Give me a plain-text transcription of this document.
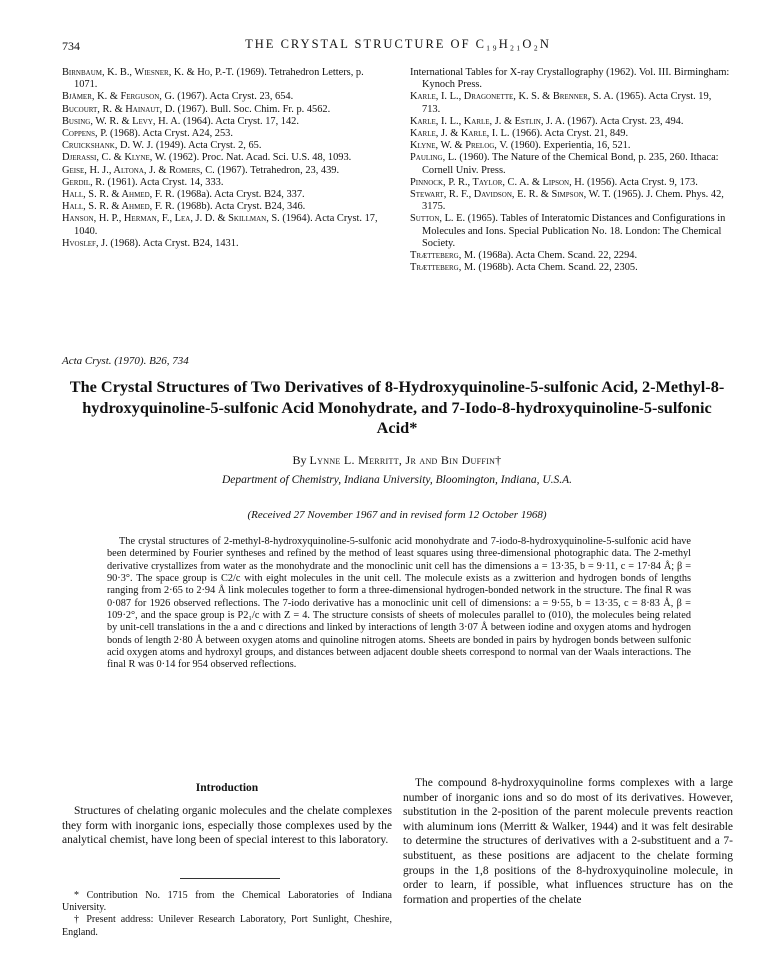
734	THE CRYSTAL STRUCTURE OF C₁₉H₂₁O₂N
Birnbaum, K. B., Wiesner, K. & Ho, P.-T. (1969). Tetrahedron Letters, p. 1071.
Bjåmer, K. & Ferguson, G. (1967). Acta Cryst. 23, 654.
Bucourt, R. & Hainaut, D. (1967). Bull. Soc. Chim. Fr. p. 4562.
Busing, W. R. & Levy, H. A. (1964). Acta Cryst. 17, 142.
Coppens, P. (1968). Acta Cryst. A24, 253.
Cruickshank, D. W. J. (1949). Acta Cryst. 2, 65.
Djerassi, C. & Klyne, W. (1962). Proc. Nat. Acad. Sci. U.S. 48, 1093.
Geise, H. J., Altona, J. & Romers, C. (1967). Tetrahedron, 23, 439.
Gerdil, R. (1961). Acta Cryst. 14, 333.
Hall, S. R. & Ahmed, F. R. (1968a). Acta Cryst. B24, 337.
Hall, S. R. & Ahmed, F. R. (1968b). Acta Cryst. B24, 346.
Hanson, H. P., Herman, F., Lea, J. D. & Skillman, S. (1964). Acta Cryst. 17, 1040.
Hvoslef, J. (1968). Acta Cryst. B24, 1431.
International Tables for X-ray Crystallography (1962). Vol. III. Birmingham: Kynoch Press.
Karle, I. L., Dragonette, K. S. & Brenner, S. A. (1965). Acta Cryst. 19, 713.
Karle, I. L., Karle, J. & Estlin, J. A. (1967). Acta Cryst. 23, 494.
Karle, J. & Karle, I. L. (1966). Acta Cryst. 21, 849.
Klyne, W. & Prelog, V. (1960). Experientia, 16, 521.
Pauling, L. (1960). The Nature of the Chemical Bond, p. 235, 260. Ithaca: Cornell Univ. Press.
Pinnock, P. R., Taylor, C. A. & Lipson, H. (1956). Acta Cryst. 9, 173.
Stewart, R. F., Davidson, E. R. & Simpson, W. T. (1965). J. Chem. Phys. 42, 3175.
Sutton, L. E. (1965). Tables of Interatomic Distances and Configurations in Molecules and Ions. Special Publication No. 18. London: The Chemical Society.
Trætteberg, M. (1968a). Acta Chem. Scand. 22, 2294.
Trætteberg, M. (1968b). Acta Chem. Scand. 22, 2305.
Acta Cryst. (1970). B26, 734
The Crystal Structures of Two Derivatives of 8-Hydroxyquinoline-5-sulfonic Acid, 2-Methyl-8-hydroxyquinoline-5-sulfonic Acid Monohydrate, and 7-Iodo-8-hydroxyquinoline-5-sulfonic Acid*
By Lynne L. Merritt, Jr and Bin Duffin†
Department of Chemistry, Indiana University, Bloomington, Indiana, U.S.A.
(Received 27 November 1967 and in revised form 12 October 1968)

The crystal structures of 2-methyl-8-hydroxyquinoline-5-sulfonic acid monohydrate and 7-iodo-8-hydroxyquinoline-5-sulfonic acid have been determined by Fourier syntheses and refined by the method of least squares using three-dimensional photographic data. The 2-methyl derivative crystallizes from water as the monohydrate and the monoclinic unit cell has the dimensions a = 13·35, b = 9·11, c = 17·84 Å; β = 90·3°. The space group is C2/c with eight molecules in the unit cell. The molecule exists as a zwitterion and hydrogen bonds of lengths ranging from 2·65 to 2·94 Å link molecules together to form a three-dimensional hydrogen-bonded network in the structure. The final R was 0·087 for 1926 observed reflections. The 7-iodo derivative has a monoclinic unit cell of dimensions: a = 9·55, b = 13·35, c = 8·83 Å, β = 109·2°, and the space group is P2₁/c with Z = 4. The structure consists of sheets of molecules parallel to (010), the molecules being related by unit-cell translations in the a and c directions and linked by interactions of length 3·07 Å between iodine and oxygen atoms and hydrogen bonds of length 2·80 Å between oxygen atoms and quinoline nitrogen atoms. Sheets are bonded in pairs by hydrogen bonds between sulfonic acid oxygen atoms and hydroxyl groups, and distances between adjacent double sheets correspond to normal van der Waals interactions. The final R was 0·14 for 954 observed reflections.

Introduction

Structures of chelating organic molecules and the chelate complexes they form with inorganic ions, especially those complexes used by the analytical chemist, have long been of special interest to this laboratory.

* Contribution No. 1715 from the Chemical Laboratories of Indiana University.

† Present address: Unilever Research Laboratory, Port Sunlight, Cheshire, England.

The compound 8-hydroxyquinoline forms complexes with a large number of inorganic ions and so do most of its derivatives. However, substitution in the 2-position of the parent molecule prevents reaction with aluminum ions (Merritt & Walker, 1944) and it was felt desirable to determine the structures of derivatives with a 2-substituent and a 7-substituent, as these positions are adjacent to the chelate forming groups in the 1,8 positions of the 8-hydroxyquinoline molecule, in order to learn, if possible, what influences structure has on the formation and properties of the chelate
